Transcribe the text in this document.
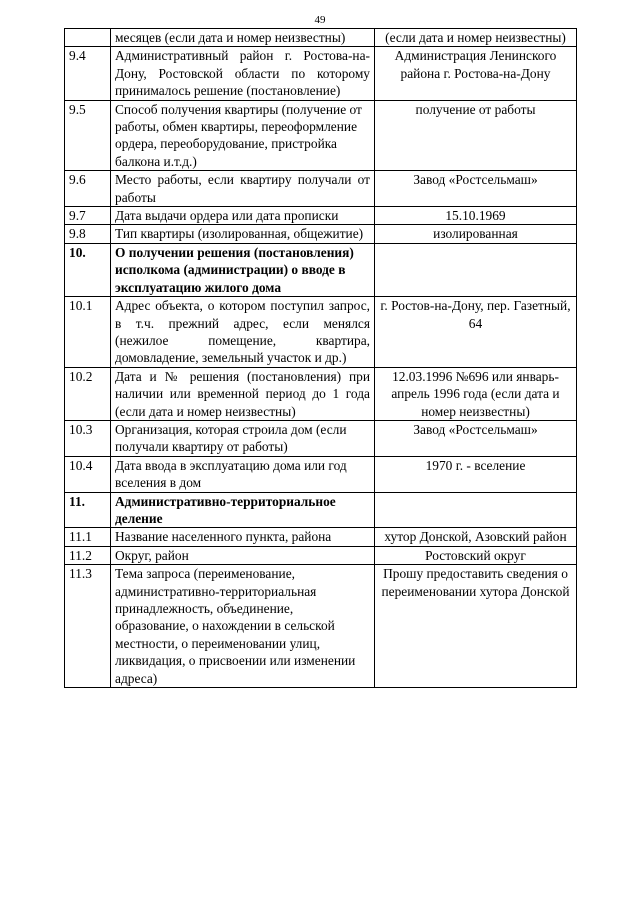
49
	месяцев (если дата и номер неизвестны)	(если дата и номер неизвестны)
9.4	Административный район г. Ростова-на-Дону, Ростовской области по которому принималось решение (постановление)	Администрация Ленинского района г. Ростова-на-Дону
9.5	Способ получения квартиры (получение от работы, обмен квартиры, переоформление ордера, переоборудование, пристройка балкона и.т.д.)	получение от работы
9.6	Место работы, если квартиру получали от работы	Завод «Ростсельмаш»
9.7	Дата выдачи ордера или дата прописки	15.10.1969
9.8	Тип квартиры (изолированная, общежитие)	изолированная
10.	О получении решения (постановления) исполкома (администрации) о вводе в эксплуатацию жилого дома	
10.1	Адрес объекта, о котором поступил запрос, в т.ч. прежний адрес, если менялся (нежилое помещение, квартира, домовладение, земельный участок и др.)	г. Ростов-на-Дону, пер. Газетный, 64
10.2	Дата и № решения (постановления) при наличии или временной период до 1 года (если дата и номер неизвестны)	12.03.1996 №696 или январь-апрель 1996 года (если дата и номер неизвестны)
10.3	Организация, которая строила дом (если получали квартиру от работы)	Завод «Ростсельмаш»
10.4	Дата ввода в эксплуатацию дома или год вселения в дом	1970 г. - вселение
11.	Административно-территориальное деление	
11.1	Название населенного пункта, района	хутор Донской, Азовский район
11.2	Округ, район	Ростовский округ
11.3	Тема запроса (переименование, административно-территориальная принадлежность, объединение, образование, о нахождении в сельской местности, о переименовании улиц, ликвидация, о присвоении или изменении адреса)	Прошу предоставить сведения о переименовании хутора Донской
